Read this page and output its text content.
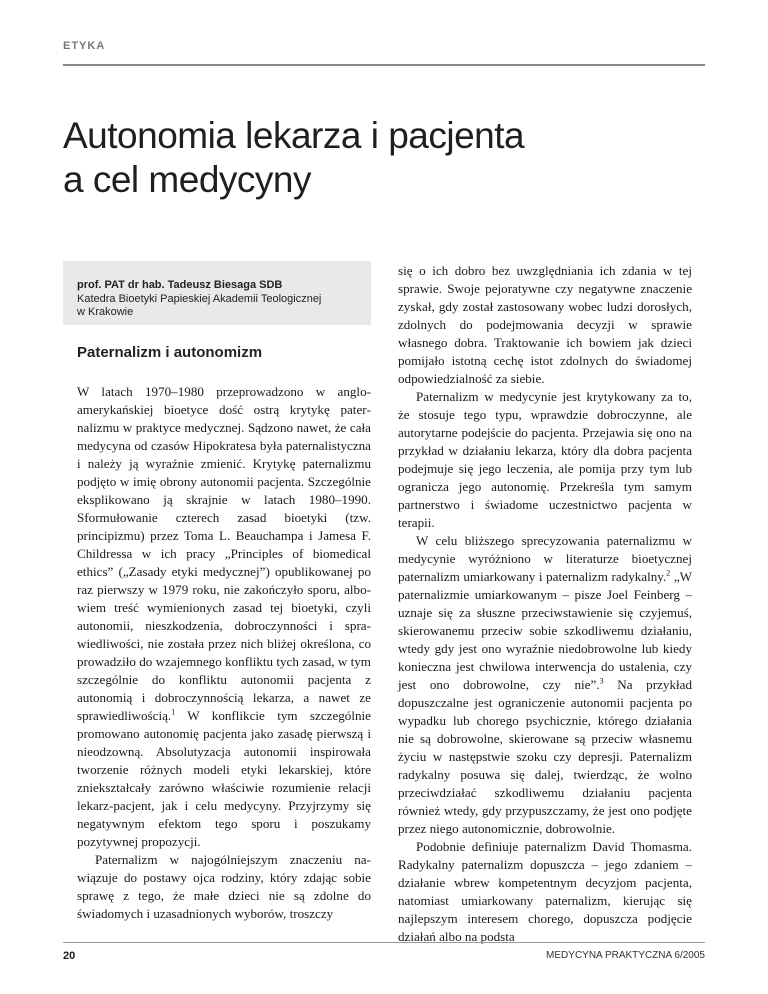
ETYKA
Autonomia lekarza i pacjenta
a cel medycyny
prof. PAT dr hab. Tadeusz Biesaga SDB
Katedra Bioetyki Papieskiej Akademii Teologicznej
w Krakowie
Paternalizm i autonomizm

W latach 1970–1980 przeprowadzono w angloamerykańskiej bioetyce dość ostrą krytykę paternalizmu w praktyce medycznej. Sądzono nawet, że cała medycyna od czasów Hipokratesa była paternalistyczna i należy ją wyraźnie zmienić. Krytykę paternalizmu podjęto w imię obrony autonomii pacjenta. Szczególnie eksplikowano ją skrajnie w latach 1980–1990. Sformułowanie czterech zasad bioetyki (tzw. principizmu) przez Toma L. Beauchampa i Jamesa F. Childressa w ich pracy „Principles of biomedical ethics” („Zasady etyki medycznej”) opublikowanej po raz pierwszy w 1979 roku, nie zakończyło sporu, albowiem treść wymienionych zasad tej bioetyki, czyli autonomii, nieszkodzenia, dobroczynności i sprawiedliwości, nie została przez nich bliżej określona, co prowadziło do wzajemnego konfliktu tych zasad, w tym szczególnie do konfliktu autonomii pacjenta z autonomią i dobroczynnością lekarza, a nawet ze sprawiedliwością.$^1$ W konflikcie tym szczególnie promowano autonomię pacjenta jako zasadę pierwszą i nieodzowną. Absolutyzacja autonomii inspirowała tworzenie różnych modeli etyki lekarskiej, które zniekształcały zarówno właściwie rozumienie relacji lekarz-pacjent, jak i celu medycyny. Przyjrzymy się negatywnym efektom tego sporu i poszukamy pozytywnej propozycji.

Paternalizm w najogólniejszym znaczeniu nawiązuje do postawy ojca rodziny, który zdając sobie sprawę z tego, że małe dzieci nie są zdolne do świadomych i uzasadnionych wyborów, troszczy

się o ich dobro bez uwzględniania ich zdania w tej sprawie. Swoje pejoratywne czy negatywne znaczenie zyskał, gdy został zastosowany wobec ludzi dorosłych, zdolnych do podejmowania decyzji w sprawie własnego dobra. Traktowanie ich bowiem jak dzieci pomijało istotną cechę istot zdolnych do świadomej odpowiedzialność za siebie.

Paternalizm w medycynie jest krytykowany za to, że stosuje tego typu, wprawdzie dobroczynne, ale autorytarne podejście do pacjenta. Przejawia się ono na przykład w działaniu lekarza, który dla dobra pacjenta podejmuje się jego leczenia, ale pomija przy tym lub ogranicza jego autonomię. Przekreśla tym samym partnerstwo i świadome uczestnictwo pacjenta w terapii.

W celu bliższego sprecyzowania paternalizmu w medycynie wyróżniono w literaturze bioetycznej paternalizm umiarkowany i paternalizm radykalny.$^2$ „W paternalizmie umiarkowanym – pisze Joel Feinberg – uznaje się za słuszne przeciwstawienie się czyjemuś, skierowanemu przeciw sobie szkodliwemu działaniu, wtedy gdy jest ono wyraźnie niedobrowolne lub kiedy konieczna jest chwilowa interwencja do ustalenia, czy jest ono dobrowolne, czy nie”.$^3$ Na przykład dopuszczalne jest ograniczenie autonomii pacjenta po wypadku lub chorego psychicznie, którego działania nie są dobrowolne, skierowane są przeciw własnemu życiu w następstwie szoku czy depresji. Paternalizm radykalny posuwa się dalej, twierdząc, że wolno przeciwdziałać szkodliwemu działaniu pacjenta również wtedy, gdy przypuszczamy, że jest ono podjęte przez niego autonomicznie, dobrowolnie.

Podobnie definiuje paternalizm David Thomasma. Radykalny paternalizm dopuszcza – jego zdaniem – działanie wbrew kompetentnym decyzjom pacjenta, natomiast umiarkowany paternalizm, kierując się najlepszym interesem chorego, dopuszcza podjęcie działań albo na podsta

20	MEDYCYNA PRAKTYCZNA 6/2005
